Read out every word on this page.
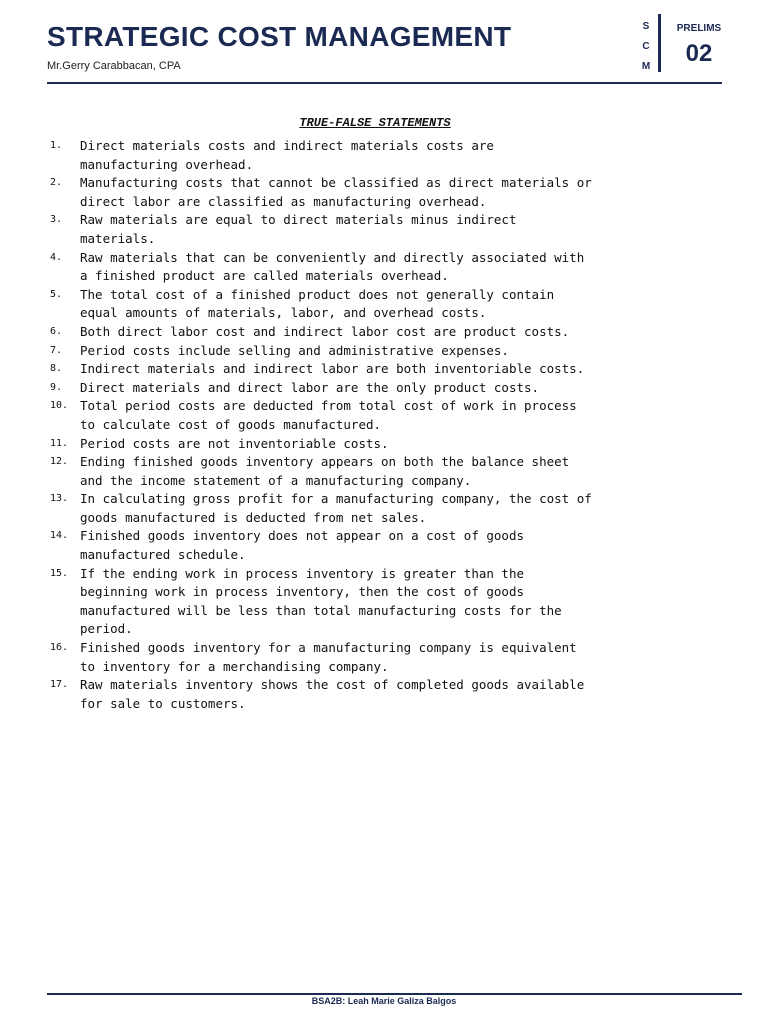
STRATEGIC COST MANAGEMENT
Mr.Gerry Carabbacan, CPA
S
C
M
PRELIMS
02
TRUE-FALSE STATEMENTS
1.	Direct materials costs and indirect materials costs are
manufacturing overhead.
2.	Manufacturing costs that cannot be classified as direct materials or
direct labor are classified as manufacturing overhead.
3.	Raw materials are equal to direct materials minus indirect
materials.
4.	Raw materials that can be conveniently and directly associated with
a finished product are called materials overhead.
5.	The total cost of a finished product does not generally contain
equal amounts of materials, labor, and overhead costs.
6.	Both direct labor cost and indirect labor cost are product costs.
7.	Period costs include selling and administrative expenses.
8.	Indirect materials and indirect labor are both inventoriable costs.
9.	Direct materials and direct labor are the only product costs.
10. Total period costs are deducted from total cost of work in process
to calculate cost of goods manufactured.
11. Period costs are not inventoriable costs.
12. Ending finished goods inventory appears on both the balance sheet
and the income statement of a manufacturing company.
13. In calculating gross profit for a manufacturing company, the cost of
goods manufactured is deducted from net sales.
14. Finished goods inventory does not appear on a cost of goods
manufactured schedule.
15. If the ending work in process inventory is greater than the
beginning work in process inventory, then the cost of goods
manufactured will be less than total manufacturing costs for the
period.
16. Finished goods inventory for a manufacturing company is equivalent
to inventory for a merchandising company.
17. Raw materials inventory shows the cost of completed goods available
for sale to customers.
BSA2B: Leah Marie Galiza Balgos
